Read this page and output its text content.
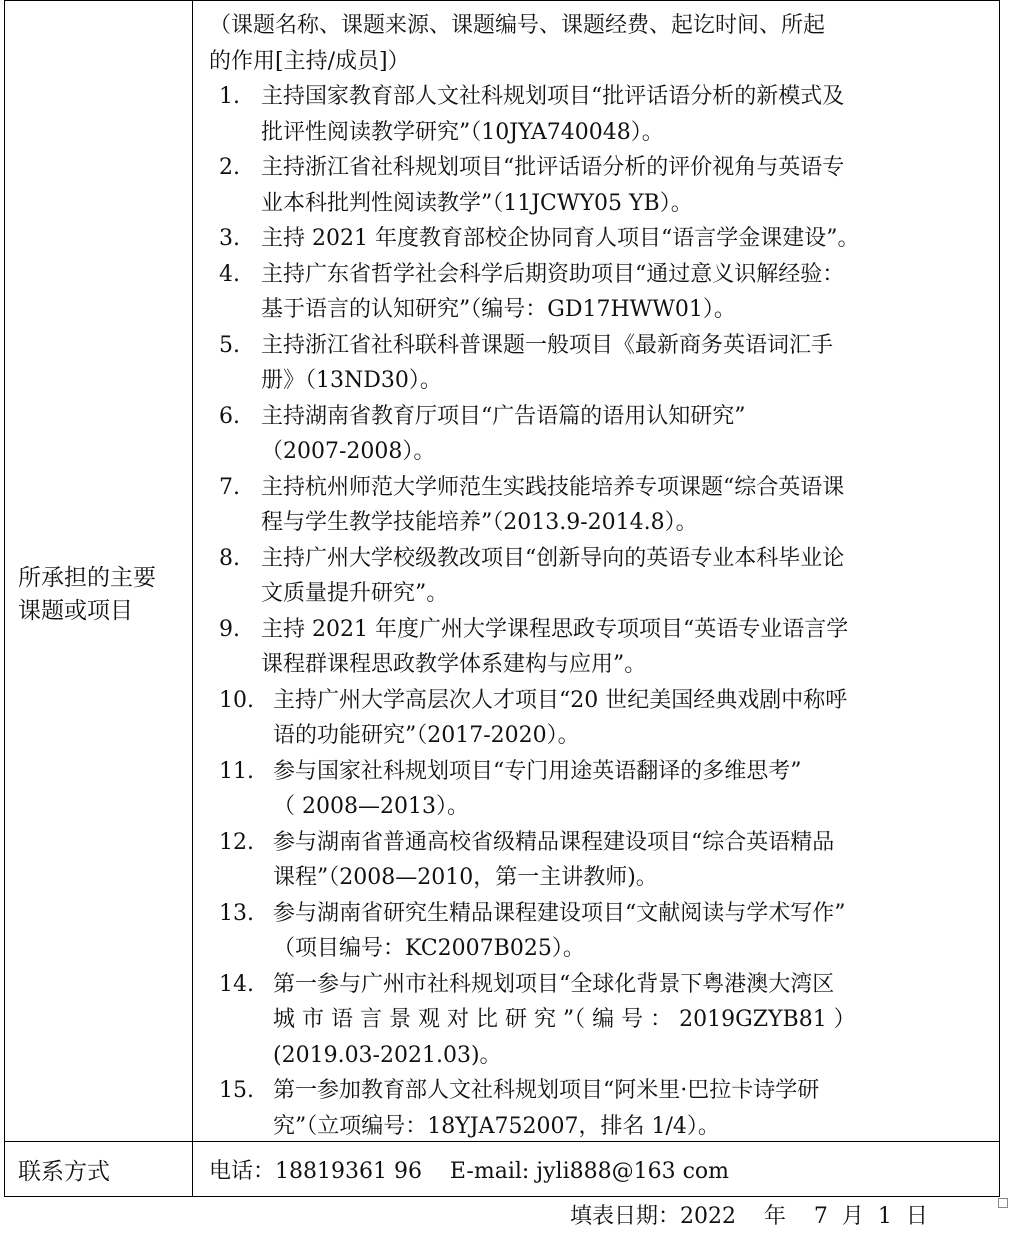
所承担的主要
课题或项目

（课题名称、课题来源、课题编号、课题经费、起讫时间、所起
的作用[主持/成员]）

1. 主持国家教育部人文社科规划项目“批评话语分析的新模式及
批评性阅读教学研究”（10JYA740048）。

2. 主持浙江省社科规划项目“批评话语分析的评价视角与英语专
业本科批判性阅读教学”（11JCWY05 YB）。

3. 主持 2021 年度教育部校企协同育人项目“语言学金课建设”。

4. 主持广东省哲学社会科学后期资助项目“通过意义识解经验：
基于语言的认知研究”（编号：GD17HWW01）。

5. 主持浙江省社科联科普课题一般项目《最新商务英语词汇手
册》（13ND30）。

6. 主持湖南省教育厅项目“广告语篇的语用认知研究”
（2007-2008）。

7. 主持杭州师范大学师范生实践技能培养专项课题“综合英语课
程与学生教学技能培养”（2013.9-2014.8）。

8. 主持广州大学校级教改项目“创新导向的英语专业本科毕业论
文质量提升研究”。

9. 主持 2021 年度广州大学课程思政专项项目“英语专业语言学
课程群课程思政教学体系建构与应用”。

10. 主持广州大学高层次人才项目“20 世纪美国经典戏剧中称呼
语的功能研究”（2017-2020）。

11. 参与国家社科规划项目“专门用途英语翻译的多维思考”
（ 2008—2013）。

12. 参与湖南省普通高校省级精品课程建设项目“综合英语精品
课程”（2008—2010，第一主讲教师)。

13. 参与湖南省研究生精品课程建设项目“文献阅读与学术写作”
（项目编号：KC2007B025）。

14. 第一参与广州市社科规划项目“全球化背景下粤港澳大湾区
城 市 语 言 景 观 对 比 研 究 ”（ 编 号 ： 2019GZYB81 ）
(2019.03-2021.03)。

15. 第一参加教育部人文社科规划项目“阿米里·巴拉卡诗学研
究”（立项编号：18YJA752007，排名 1/4）。

联系方式	电话：18819361 96    E-mail: jyli888@163 com
填表日期：2022    年    7  月  1  日
